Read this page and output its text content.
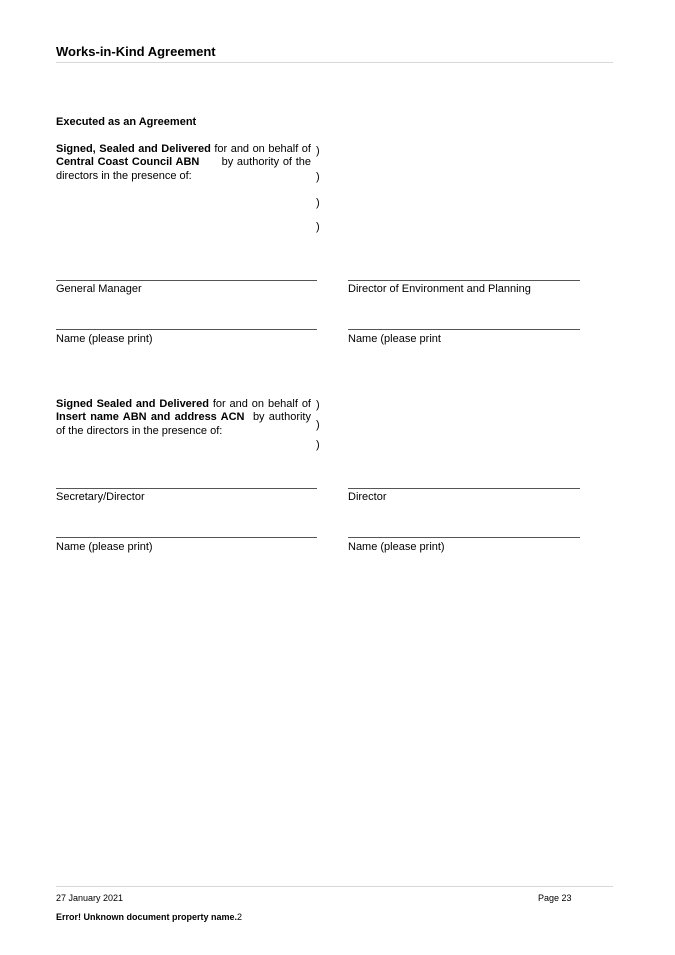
Works-in-Kind Agreement
Executed as an Agreement
Signed, Sealed and Delivered for and on behalf of Central Coast Council ABN      by authority of the directors in the presence of:
)
)
)
)
General Manager	Director of Environment and Planning
Name (please print)	Name (please print
Signed Sealed and Delivered for and on behalf of Insert name ABN and address ACN  by authority of the directors in the presence of:
)
)
)
Secretary/Director	Director
Name (please print)	Name (please print)
27 January 2021	Page 23
Error! Unknown document property name.2
